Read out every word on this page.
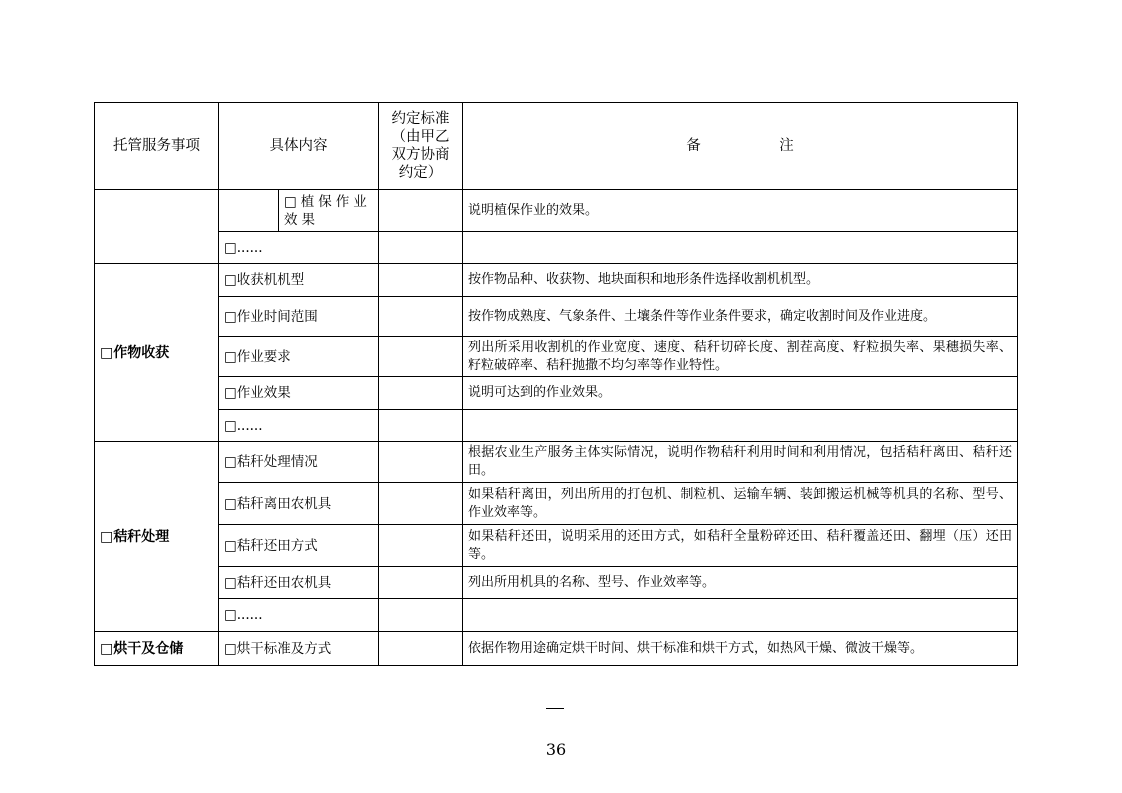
托管服务事项	具体内容		约定标准（由甲乙双方协商约定）	备　注
		□植保作业效果		说明植保作业的效果。
	□......			
□作物收获	□收获机机型			按作物品种、收获物、地块面积和地形条件选择收割机机型。
	□作业时间范围			按作物成熟度、气象条件、土壤条件等作业条件要求，确定收割时间及作业进度。
	□作业要求			列出所采用收割机的作业宽度、速度、秸秆切碎长度、割茬高度、籽粒损失率、果穗损失率、籽粒破碎率、秸秆抛撒不均匀率等作业特性。
	□作业效果			说明可达到的作业效果。
	□......			
□秸秆处理	□秸秆处理情况			根据农业生产服务主体实际情况，说明作物秸秆利用时间和利用情况，包括秸秆离田、秸秆还田。
	□秸秆离田农机具			如果秸秆离田，列出所用的打包机、制粒机、运输车辆、装卸搬运机械等机具的名称、型号、作业效率等。
	□秸秆还田方式			如果秸秆还田，说明采用的还田方式，如秸秆全量粉碎还田、秸秆覆盖还田、翻埋（压）还田等。
	□秸秆还田农机具			列出所用机具的名称、型号、作业效率等。
	□......			
□烘干及仓储	□烘干标准及方式			依据作物用途确定烘干时间、烘干标准和烘干方式，如热风干燥、微波干燥等。
36
